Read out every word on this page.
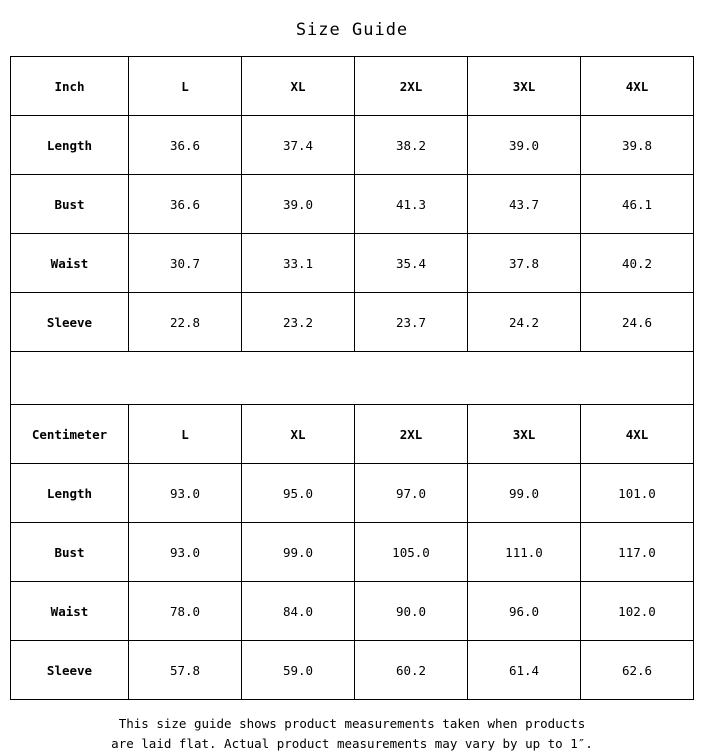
Size Guide
Inch	L	XL	2XL	3XL	4XL
Length	36.6	37.4	38.2	39.0	39.8
Bust	36.6	39.0	41.3	43.7	46.1
Waist	30.7	33.1	35.4	37.8	40.2
Sleeve	22.8	23.2	23.7	24.2	24.6

Centimeter	L	XL	2XL	3XL	4XL
Length	93.0	95.0	97.0	99.0	101.0
Bust	93.0	99.0	105.0	111.0	117.0
Waist	78.0	84.0	90.0	96.0	102.0
Sleeve	57.8	59.0	60.2	61.4	62.6
This size guide shows product measurements taken when products
are laid flat. Actual product measurements may vary by up to 1″.
